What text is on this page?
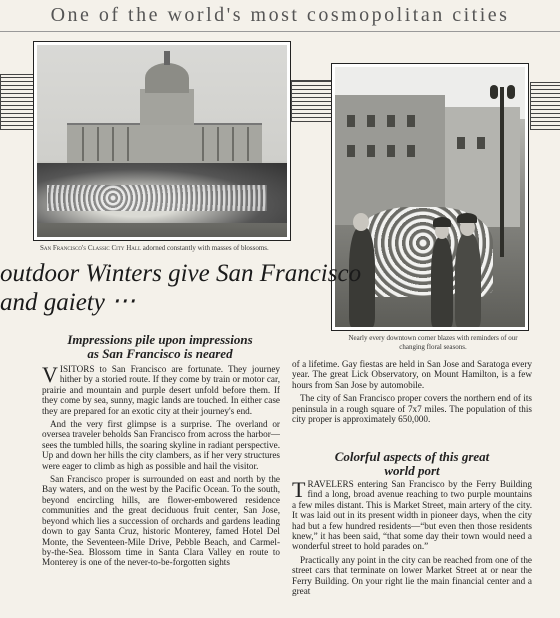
One of the world's most cosmopolitan cities
San Francisco's Classic City Hall adorned constantly with masses of blossoms.
Nearly every downtown corner blazes with reminders of our
changing floral seasons.
outdoor Winters give San Francisco
and gaiety ‧‧‧
Impressions pile upon impressions
as San Francisco is neared

VISITORS to San Francisco are fortunate. They journey hither by a storied route. If they come by train or motor car, prairie and mountain and purple desert unfold before them. If they come by sea, sunny, magic lands are touched. In either case they are prepared for an exotic city at their journey's end.

And the very first glimpse is a surprise. The overland or oversea traveler beholds San Francisco from across the harbor—sees the tumbled hills, the soaring skyline in radiant perspective. Up and down her hills the city clambers, as if her very structures were eager to climb as high as possible and hail the visitor.

San Francisco proper is surrounded on east and north by the Bay waters, and on the west by the Pacific Ocean. To the south, beyond encircling hills, are flower-embowered residence communities and the great deciduous fruit center, San Jose, beyond which lies a succession of orchards and gardens leading down to gay Santa Cruz, historic Monterey, famed Hotel Del Monte, the Seventeen-Mile Drive, Pebble Beach, and Carmel-by-the-Sea. Blossom time in Santa Clara Valley en route to Monterey is one of the never-to-be-forgotten sights

of a lifetime. Gay fiestas are held in San Jose and Saratoga every year. The great Lick Observatory, on Mount Hamilton, is a few hours from San Jose by automobile.

The city of San Francisco proper covers the northern end of its peninsula in a rough square of 7x7 miles. The population of this city proper is approximately 650,000.

Colorful aspects of this great
world port

TRAVELERS entering San Francisco by the Ferry Building find a long, broad avenue reaching to two purple mountains a few miles distant. This is Market Street, main artery of the city. It was laid out in its present width in pioneer days, when the city had but a few hundred residents—“but even then those residents knew,” it has been said, “that some day their town would need a wonderful street to hold parades on.”

Practically any point in the city can be reached from one of the street cars that terminate on lower Market Street at or near the Ferry Building. On your right lie the main financial center and a great
